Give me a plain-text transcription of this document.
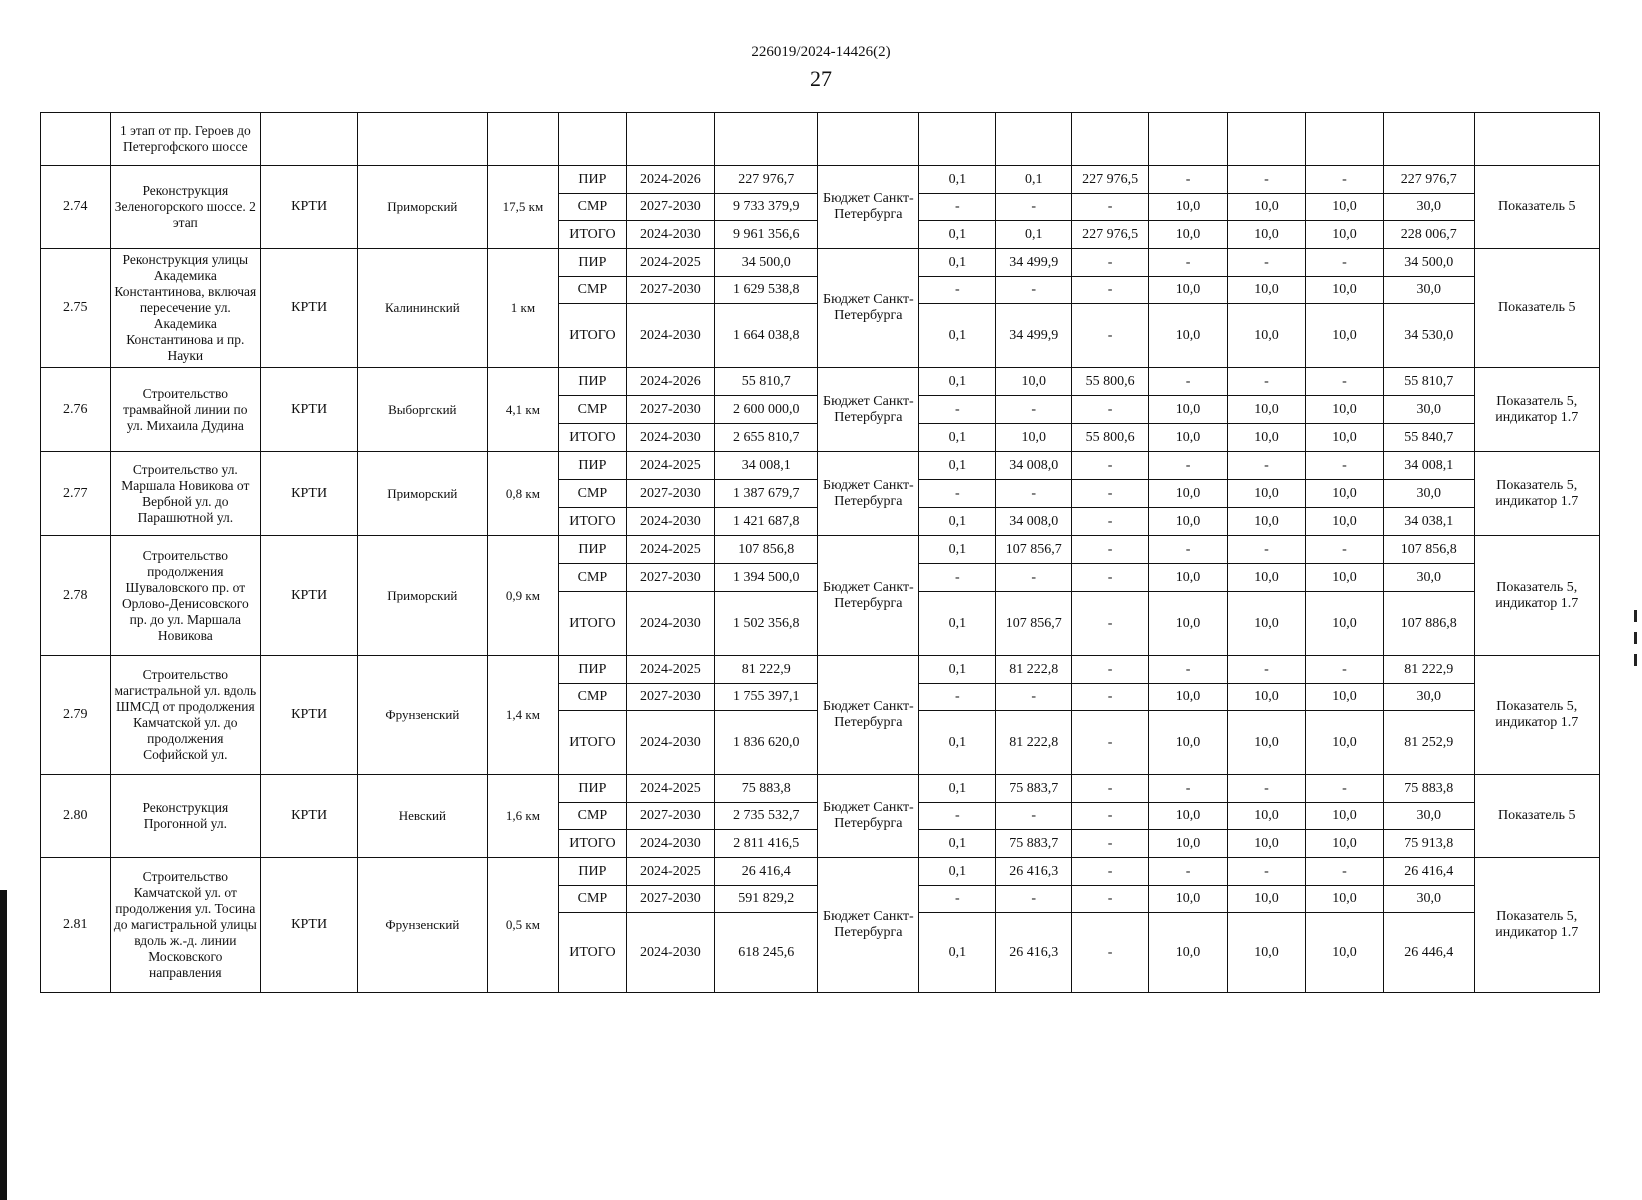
226019/2024-14426(2)
27
	1 этап от пр. Героев до Петергофского шоссе															
2.74	Реконструкция Зеленогорского шоссе. 2 этап	КРТИ	Приморский	17,5 км	ПИР	2024-2026	227 976,7	Бюджет Санкт-Петербурга	0,1	0,1	227 976,5	-	-	-	227 976,7	Показатель 5
					СМР	2027-2030	9 733 379,9		-	-	-	10,0	10,0	10,0	30,0	
					ИТОГО	2024-2030	9 961 356,6		0,1	0,1	227 976,5	10,0	10,0	10,0	228 006,7	
2.75	Реконструкция улицы Академика Константинова, включая пересечение ул. Академика Константинова и пр. Науки	КРТИ	Калининский	1 км	ПИР	2024-2025	34 500,0	Бюджет Санкт-Петербурга	0,1	34 499,9	-	-	-	-	34 500,0	Показатель 5
					СМР	2027-2030	1 629 538,8		-	-	-	10,0	10,0	10,0	30,0	
					ИТОГО	2024-2030	1 664 038,8		0,1	34 499,9	-	10,0	10,0	10,0	34 530,0	
2.76	Строительство трамвайной линии по ул. Михаила Дудина	КРТИ	Выборгский	4,1 км	ПИР	2024-2026	55 810,7	Бюджет Санкт-Петербурга	0,1	10,0	55 800,6	-	-	-	55 810,7	Показатель 5, индикатор 1.7
					СМР	2027-2030	2 600 000,0		-	-	-	10,0	10,0	10,0	30,0	
					ИТОГО	2024-2030	2 655 810,7		0,1	10,0	55 800,6	10,0	10,0	10,0	55 840,7	
2.77	Строительство ул. Маршала Новикова от Вербной ул. до Парашютной ул.	КРТИ	Приморский	0,8 км	ПИР	2024-2025	34 008,1	Бюджет Санкт-Петербурга	0,1	34 008,0	-	-	-	-	34 008,1	Показатель 5, индикатор 1.7
					СМР	2027-2030	1 387 679,7		-	-	-	10,0	10,0	10,0	30,0	
					ИТОГО	2024-2030	1 421 687,8		0,1	34 008,0	-	10,0	10,0	10,0	34 038,1	
2.78	Строительство продолжения Шуваловского пр. от Орлово-Денисовского пр. до ул. Маршала Новикова	КРТИ	Приморский	0,9 км	ПИР	2024-2025	107 856,8	Бюджет Санкт-Петербурга	0,1	107 856,7	-	-	-	-	107 856,8	Показатель 5, индикатор 1.7
					СМР	2027-2030	1 394 500,0		-	-	-	10,0	10,0	10,0	30,0	
					ИТОГО	2024-2030	1 502 356,8		0,1	107 856,7	-	10,0	10,0	10,0	107 886,8	
2.79	Строительство магистральной ул. вдоль ШМСД от продолжения Камчатской ул. до продолжения Софийской ул.	КРТИ	Фрунзенский	1,4 км	ПИР	2024-2025	81 222,9	Бюджет Санкт-Петербурга	0,1	81 222,8	-	-	-	-	81 222,9	Показатель 5, индикатор 1.7
					СМР	2027-2030	1 755 397,1		-	-	-	10,0	10,0	10,0	30,0	
					ИТОГО	2024-2030	1 836 620,0		0,1	81 222,8	-	10,0	10,0	10,0	81 252,9	
2.80	Реконструкция Прогонной ул.	КРТИ	Невский	1,6 км	ПИР	2024-2025	75 883,8	Бюджет Санкт-Петербурга	0,1	75 883,7	-	-	-	-	75 883,8	Показатель 5
					СМР	2027-2030	2 735 532,7		-	-	-	10,0	10,0	10,0	30,0	
					ИТОГО	2024-2030	2 811 416,5		0,1	75 883,7	-	10,0	10,0	10,0	75 913,8	
2.81	Строительство Камчатской ул. от продолжения ул. Тосина до магистральной улицы вдоль ж.-д. линии Московского направления	КРТИ	Фрунзенский	0,5 км	ПИР	2024-2025	26 416,4	Бюджет Санкт-Петербурга	0,1	26 416,3	-	-	-	-	26 416,4	Показатель 5, индикатор 1.7
					СМР	2027-2030	591 829,2		-	-	-	10,0	10,0	10,0	30,0	
					ИТОГО	2024-2030	618 245,6		0,1	26 416,3	-	10,0	10,0	10,0	26 446,4	
